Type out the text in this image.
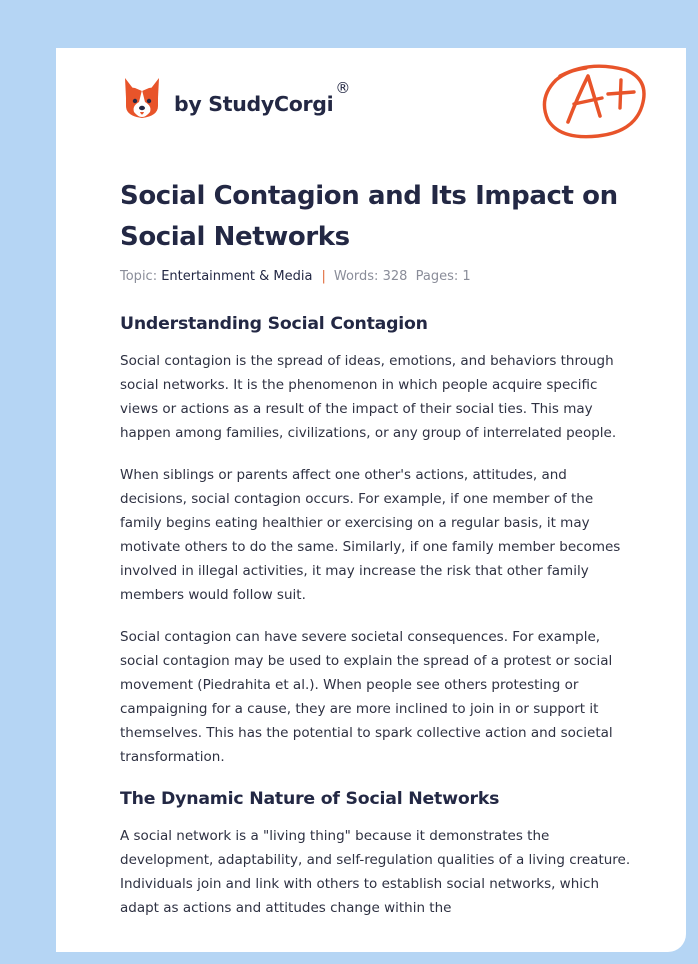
by StudyCorgi®
Social Contagion and Its Impact on Social Networks
Topic: Entertainment & Media | Words: 328 Pages: 1
Understanding Social Contagion

Social contagion is the spread of ideas, emotions, and behaviors through social networks. It is the phenomenon in which people acquire specific views or actions as a result of the impact of their social ties. This may happen among families, civilizations, or any group of interrelated people.

When siblings or parents affect one other's actions, attitudes, and decisions, social contagion occurs. For example, if one member of the family begins eating healthier or exercising on a regular basis, it may motivate others to do the same. Similarly, if one family member becomes involved in illegal activities, it may increase the risk that other family members would follow suit.

Social contagion can have severe societal consequences. For example, social contagion may be used to explain the spread of a protest or social movement (Piedrahita et al.). When people see others protesting or campaigning for a cause, they are more inclined to join in or support it themselves. This has the potential to spark collective action and societal transformation.

The Dynamic Nature of Social Networks

A social network is a "living thing" because it demonstrates the development, adaptability, and self-regulation qualities of a living creature. Individuals join and link with others to establish social networks, which adapt as actions and attitudes change within the
